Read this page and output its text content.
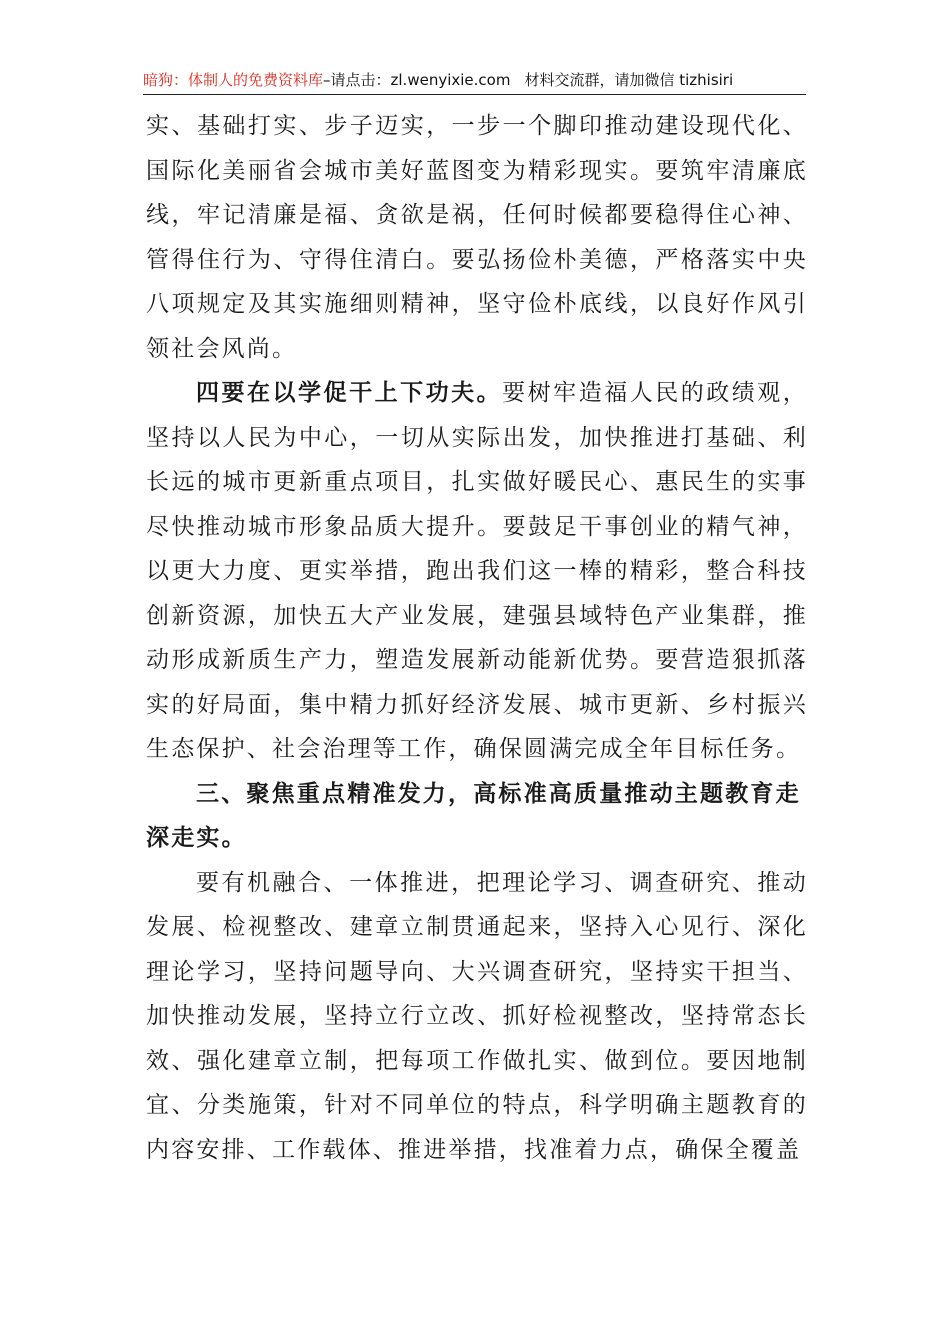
暗狗：体制人的免费资料库–请点击：zl.wenyixie.com 材料交流群，请加微信 tizhisiri

实、基础打实、步子迈实，一步一个脚印推动建设现代化、国际化美丽省会城市美好蓝图变为精彩现实。要筑牢清廉底线，牢记清廉是福、贪欲是祸，任何时候都要稳得住心神、管得住行为、守得住清白。要弘扬俭朴美德，严格落实中央八项规定及其实施细则精神，坚守俭朴底线，以良好作风引领社会风尚。

四要在以学促干上下功夫。要树牢造福人民的政绩观，坚持以人民为中心，一切从实际出发，加快推进打基础、利长远的城市更新重点项目，扎实做好暖民心、惠民生的实事尽快推动城市形象品质大提升。要鼓足干事创业的精气神，以更大力度、更实举措，跑出我们这一棒的精彩，整合科技创新资源，加快五大产业发展，建强县域特色产业集群，推动形成新质生产力，塑造发展新动能新优势。要营造狠抓落实的好局面，集中精力抓好经济发展、城市更新、乡村振兴生态保护、社会治理等工作，确保圆满完成全年目标任务。

三、聚焦重点精准发力，高标准高质量推动主题教育走深走实。

要有机融合、一体推进，把理论学习、调查研究、推动发展、检视整改、建章立制贯通起来，坚持入心见行、深化理论学习，坚持问题导向、大兴调查研究，坚持实干担当、加快推动发展，坚持立行立改、抓好检视整改，坚持常态长效、强化建章立制，把每项工作做扎实、做到位。要因地制宜、分类施策，针对不同单位的特点，科学明确主题教育的内容安排、工作载体、推进举措，找准着力点，确保全覆盖
